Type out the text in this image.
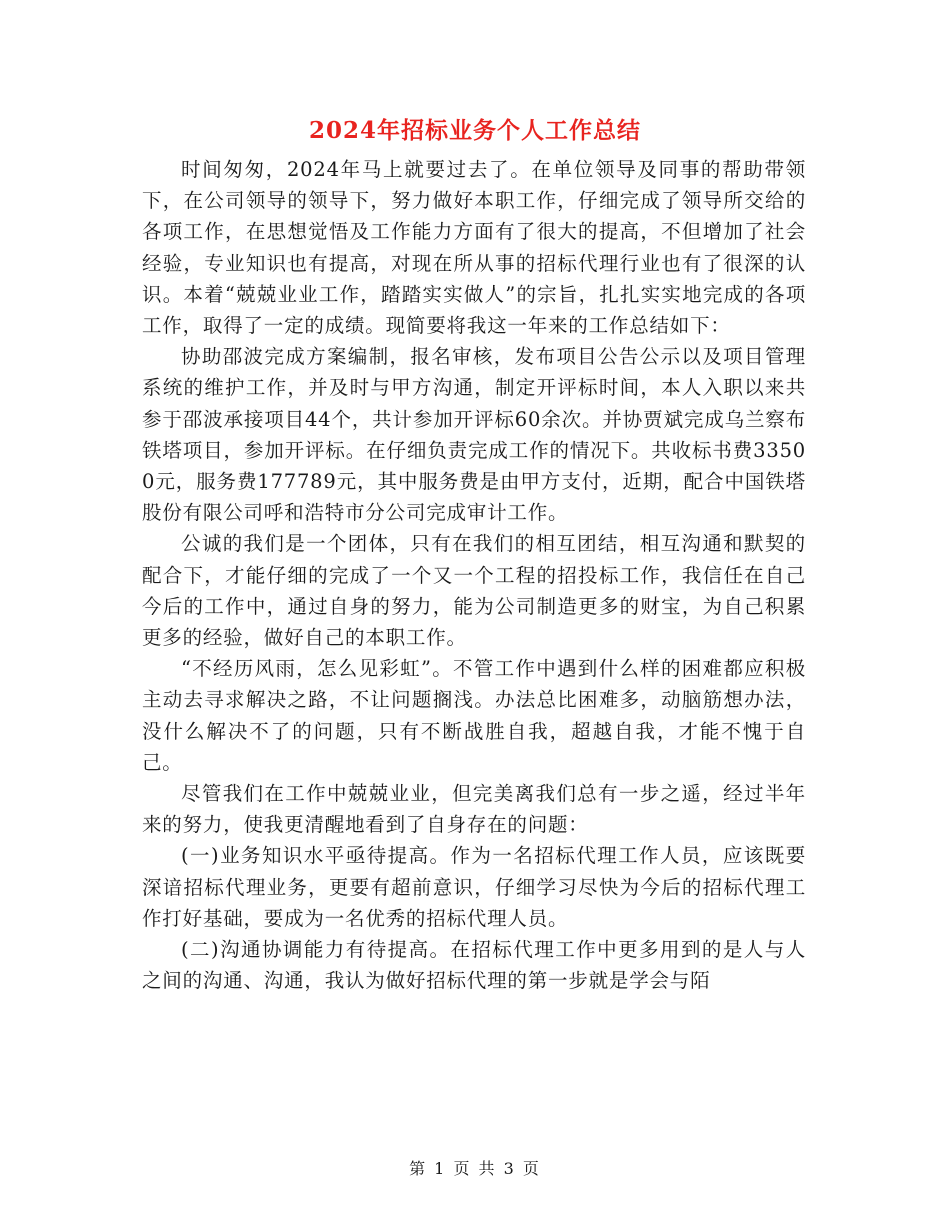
2024年招标业务个人工作总结

时间匆匆，2024年马上就要过去了。在单位领导及同事的帮助带领下，在公司领导的领导下，努力做好本职工作，仔细完成了领导所交给的各项工作，在思想觉悟及工作能力方面有了很大的提高，不但增加了社会经验，专业知识也有提高，对现在所从事的招标代理行业也有了很深的认识。本着“兢兢业业工作，踏踏实实做人”的宗旨，扎扎实实地完成的各项工作，取得了一定的成绩。现简要将我这一年来的工作总结如下：

协助邵波完成方案编制，报名审核，发布项目公告公示以及项目管理系统的维护工作，并及时与甲方沟通，制定开评标时间，本人入职以来共参于邵波承接项目44个，共计参加开评标60余次。并协贾斌完成乌兰察布铁塔项目，参加开评标。在仔细负责完成工作的情况下。共收标书费33500元，服务费177789元，其中服务费是由甲方支付，近期，配合中国铁塔股份有限公司呼和浩特市分公司完成审计工作。

公诚的我们是一个团体，只有在我们的相互团结，相互沟通和默契的配合下，才能仔细的完成了一个又一个工程的招投标工作，我信任在自己今后的工作中，通过自身的努力，能为公司制造更多的财宝，为自己积累更多的经验，做好自己的本职工作。

“不经历风雨，怎么见彩虹”。不管工作中遇到什么样的困难都应积极主动去寻求解决之路，不让问题搁浅。办法总比困难多，动脑筋想办法，没什么解决不了的问题，只有不断战胜自我，超越自我，才能不愧于自己。

尽管我们在工作中兢兢业业，但完美离我们总有一步之遥，经过半年来的努力，使我更清醒地看到了自身存在的问题：

(一)业务知识水平亟待提高。作为一名招标代理工作人员，应该既要深谙招标代理业务，更要有超前意识，仔细学习尽快为今后的招标代理工作打好基础，要成为一名优秀的招标代理人员。

(二)沟通协调能力有待提高。在招标代理工作中更多用到的是人与人之间的沟通、沟通，我认为做好招标代理的第一步就是学会与陌

第 1 页 共 3 页
